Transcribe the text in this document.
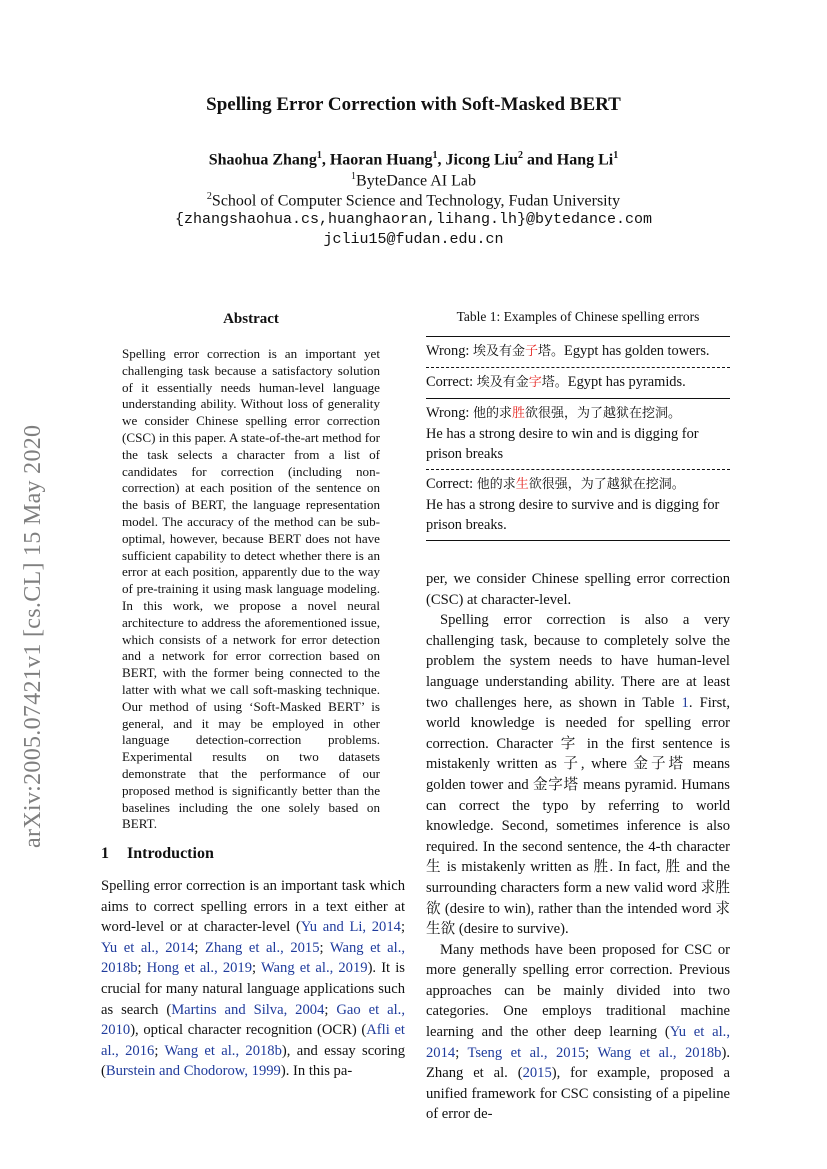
arXiv:2005.07421v1 [cs.CL] 15 May 2020
Spelling Error Correction with Soft-Masked BERT
Shaohua Zhang$^1$, Haoran Huang$^1$, Jicong Liu$^2$ and Hang Li$^1$
$^1$ByteDance AI Lab
$^2$School of Computer Science and Technology, Fudan University
{zhangshaohua.cs,huanghaoran,lihang.lh}@bytedance.com
jcliu15@fudan.edu.cn
Abstract
Spelling error correction is an important yet challenging task because a satisfactory solution of it essentially needs human-level language understanding ability. Without loss of generality we consider Chinese spelling error correction (CSC) in this paper. A state-of-the-art method for the task selects a character from a list of candidates for correction (including non-correction) at each position of the sentence on the basis of BERT, the language representation model. The accuracy of the method can be sub-optimal, however, because BERT does not have sufficient capability to detect whether there is an error at each position, apparently due to the way of pre-training it using mask language modeling. In this work, we propose a novel neural architecture to address the aforementioned issue, which consists of a network for error detection and a network for error correction based on BERT, with the former being connected to the latter with what we call soft-masking technique. Our method of using ‘Soft-Masked BERT’ is general, and it may be employed in other language detection-correction problems. Experimental results on two datasets demonstrate that the performance of our proposed method is significantly better than the baselines including the one solely based on BERT.
1 Introduction
Spelling error correction is an important task which aims to correct spelling errors in a text either at word-level or at character-level (Yu and Li, 2014; Yu et al., 2014; Zhang et al., 2015; Wang et al., 2018b; Hong et al., 2019; Wang et al., 2019). It is crucial for many natural language applications such as search (Martins and Silva, 2004; Gao et al., 2010), optical character recognition (OCR) (Afli et al., 2016; Wang et al., 2018b), and essay scoring (Burstein and Chodorow, 1999). In this pa-
Table 1: Examples of Chinese spelling errors
Wrong: 埃及有金子塔。Egypt has golden towers.
Correct: 埃及有金字塔。Egypt has pyramids.
Wrong: 他的求胜欲很强，为了越狱在挖洞。
He has a strong desire to win and is digging for prison breaks
Correct: 他的求生欲很强，为了越狱在挖洞。
He has a strong desire to survive and is digging for prison breaks.

per, we consider Chinese spelling error correction (CSC) at character-level.

Spelling error correction is also a very challenging task, because to completely solve the problem the system needs to have human-level language understanding ability. There are at least two challenges here, as shown in Table 1. First, world knowledge is needed for spelling error correction. Character 字 in the first sentence is mistakenly written as 子, where 金子塔 means golden tower and 金字塔 means pyramid. Humans can correct the typo by referring to world knowledge. Second, sometimes inference is also required. In the second sentence, the 4-th character 生 is mistakenly written as 胜. In fact, 胜 and the surrounding characters form a new valid word 求胜欲 (desire to win), rather than the intended word 求生欲 (desire to survive).

Many methods have been proposed for CSC or more generally spelling error correction. Previous approaches can be mainly divided into two categories. One employs traditional machine learning and the other deep learning (Yu et al., 2014; Tseng et al., 2015; Wang et al., 2018b). Zhang et al. (2015), for example, proposed a unified framework for CSC consisting of a pipeline of error de-
